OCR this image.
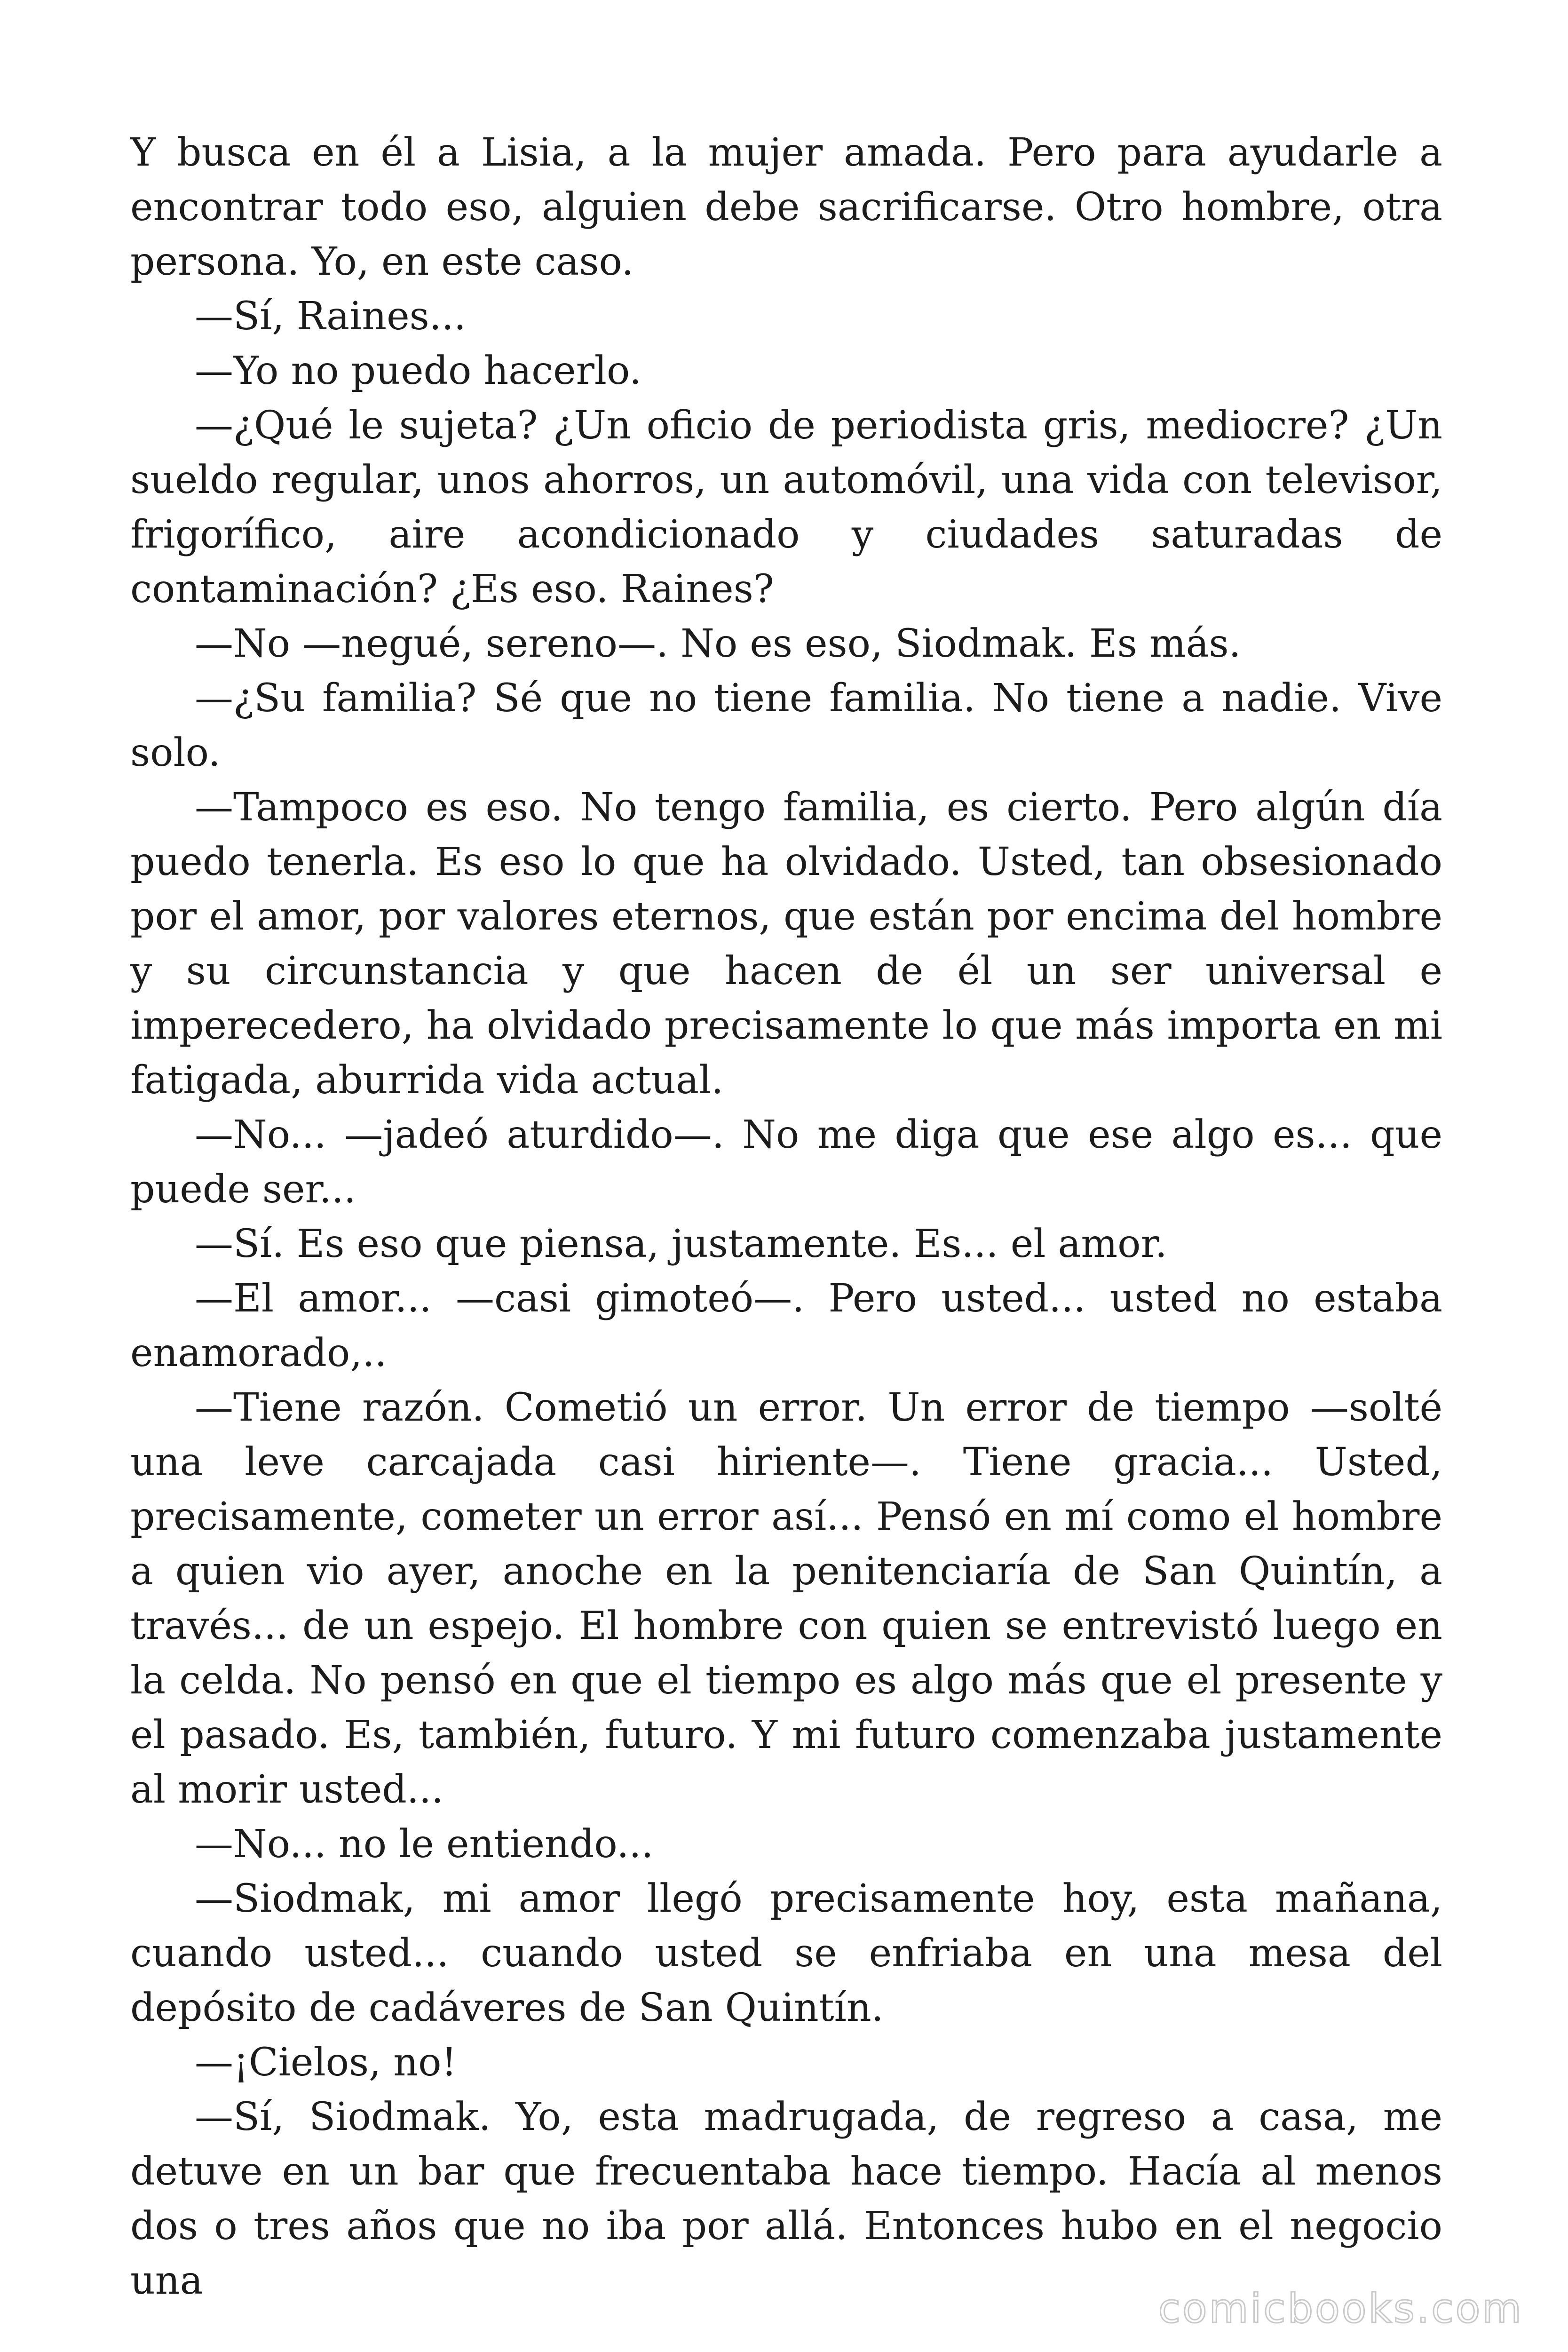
Y busca en él a Lisia, a la mujer amada. Pero para ayudarle a encontrar todo eso, alguien debe sacrificarse. Otro hombre, otra persona. Yo, en este caso.

—Sí, Raines...

—Yo no puedo hacerlo.

—¿Qué le sujeta? ¿Un oficio de periodista gris, mediocre? ¿Un sueldo regular, unos ahorros, un automóvil, una vida con televisor, frigorífico, aire acondicionado y ciudades saturadas de contaminación? ¿Es eso. Raines?

—No —negué, sereno—. No es eso, Siodmak. Es más.

—¿Su familia? Sé que no tiene familia. No tiene a nadie. Vive solo.

—Tampoco es eso. No tengo familia, es cierto. Pero algún día puedo tenerla. Es eso lo que ha olvidado. Usted, tan obsesionado por el amor, por valores eternos, que están por encima del hombre y su circunstancia y que hacen de él un ser universal e imperecedero, ha olvidado precisamente lo que más importa en mi fatigada, aburrida vida actual.

—No... —jadeó aturdido—. No me diga que ese algo es... que puede ser...

—Sí. Es eso que piensa, justamente. Es... el amor.

—El amor... —casi gimoteó—. Pero usted... usted no estaba enamorado,..

—Tiene razón. Cometió un error. Un error de tiempo —solté una leve carcajada casi hiriente—. Tiene gracia... Usted, precisamente, cometer un error así... Pensó en mí como el hombre a quien vio ayer, anoche en la penitenciaría de San Quintín, a través... de un espejo. El hombre con quien se entrevistó luego en la celda. No pensó en que el tiempo es algo más que el presente y el pasado. Es, también, futuro. Y mi futuro comenzaba justamente al morir usted...

—No... no le entiendo...

—Siodmak, mi amor llegó precisamente hoy, esta mañana, cuando usted... cuando usted se enfriaba en una mesa del depósito de cadáveres de San Quintín.

—¡Cielos, no!

—Sí, Siodmak. Yo, esta madrugada, de regreso a casa, me detuve en un bar que frecuentaba hace tiempo. Hacía al menos dos o tres años que no iba por allá. Entonces hubo en el negocio una

comicbooks.com
